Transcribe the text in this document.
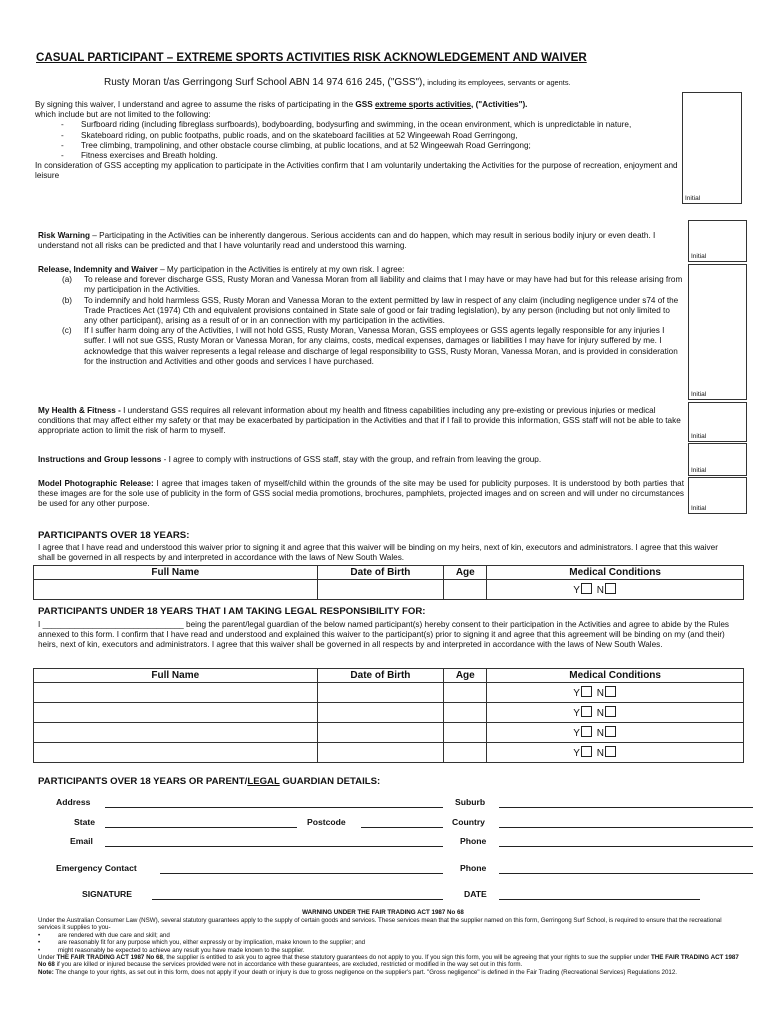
CASUAL PARTICIPANT – EXTREME SPORTS ACTIVITIES RISK ACKNOWLEDGEMENT AND WAIVER
Rusty Moran t/as Gerringong Surf School ABN 14 974 616 245, ("GSS"), including its employees, servants or agents.
By signing this waiver, I understand and agree to assume the risks of participating in the GSS extreme sports activities, ("Activities").
which include but are not limited to the following:
- Surfboard riding (including fibreglass surfboards), bodyboarding, bodysurfing and swimming, in the ocean environment, which is unpredictable in nature,
- Skateboard riding, on public footpaths, public roads, and on the skateboard facilities at 52 Wingeewah Road Gerringong,
- Tree climbing, trampolining, and other obstacle course climbing, at public locations, and at 52 Wingeewah Road Gerringong;
- Fitness exercises and Breath holding.
In consideration of GSS accepting my application to participate in the Activities confirm that I am voluntarily undertaking the Activities for the purpose of recreation, enjoyment and leisure
Initial
Risk Warning – Participating in the Activities can be inherently dangerous. Serious accidents can and do happen, which may result in serious bodily injury or even death. I understand not all risks can be predicted and that I have voluntarily read and understood this warning.
Initial
Release, Indemnity and Waiver – My participation in the Activities is entirely at my own risk. I agree:
(a) To release and forever discharge GSS, Rusty Moran and Vanessa Moran from all liability and claims that I may have or may have had but for this release arising from my participation in the Activities.
(b) To indemnify and hold harmless GSS, Rusty Moran and Vanessa Moran to the extent permitted by law in respect of any claim (including negligence under s74 of the Trade Practices Act (1974) Cth and equivalent provisions contained in State sale of good or fair trading legislation), by any person (including but not only limited to any other participant), arising as a result of or in an connection with my participation in the activities.
(c) If I suffer harm doing any of the Activities, I will not hold GSS, Rusty Moran, Vanessa Moran, GSS employees or GSS agents legally responsible for any injuries I suffer. I will not sue GSS, Rusty Moran or Vanessa Moran, for any claims, costs, medical expenses, damages or liabilities I may have for injury suffered by me. I acknowledge that this waiver represents a legal release and discharge of legal responsibility to GSS, Rusty Moran, Vanessa Moran, and is provided in consideration for the instruction and Activities and other goods and services I have purchased.
Initial
My Health & Fitness - I understand GSS requires all relevant information about my health and fitness capabilities including any pre-existing or previous injuries or medical conditions that may affect either my safety or that may be exacerbated by participation in the Activities and that if I fail to provide this information, GSS staff will not be able to take appropriate action to limit the risk of harm to myself.
Initial
Instructions and Group lessons - I agree to comply with instructions of GSS staff, stay with the group, and refrain from leaving the group.
Initial
Model Photographic Release: I agree that images taken of myself/child within the grounds of the site may be used for publicity purposes. It is understood by both parties that these images are for the sole use of publicity in the form of GSS social media promotions, brochures, pamphlets, projected images and on screen and will under no circumstances be used for any other purpose.
Initial
PARTICIPANTS OVER 18 YEARS:
I agree that I have read and understood this waiver prior to signing it and agree that this waiver will be binding on my heirs, next of kin, executors and administrators. I agree that this waiver shall be governed in all respects by and interpreted in accordance with the laws of New South Wales.
Full Name	Date of Birth	Age	Medical Conditions
			Y N
PARTICIPANTS UNDER 18 YEARS THAT I AM TAKING LEGAL RESPONSIBILITY FOR:
I _______________________________ being the parent/legal guardian of the below named participant(s) hereby consent to their participation in the Activities and agree to abide by the Rules annexed to this form. I confirm that I have read and understood and explained this waiver to the participant(s) prior to signing it and agree that this agreement will be binding on my (and their) heirs, next of kin, executors and administrators. I agree that this waiver shall be governed in all respects by and interpreted in accordance with the laws of New South Wales.
Full Name	Date of Birth	Age	Medical Conditions
			Y N
			Y N
			Y N
			Y N
PARTICIPANTS OVER 18 YEARS OR PARENT/LEGAL GUARDIAN DETAILS:
Address	Suburb
State	Postcode	Country
Email	Phone
Emergency Contact	Phone
SIGNATURE	DATE
WARNING UNDER THE FAIR TRADING ACT 1987 No 68
Under the Australian Consumer Law (NSW), several statutory guarantees apply to the supply of certain goods and services. These services mean that the supplier named on this form, Gerringong Surf School, is required to ensure that the recreational services it supplies to you-
•	are rendered with due care and skill; and
•	are reasonably fit for any purpose which you, either expressly or by implication, make known to the supplier; and
•	might reasonably be expected to achieve any result you have made known to the supplier.
Under THE FAIR TRADING ACT 1987 No 68, the supplier is entitled to ask you to agree that these statutory guarantees do not apply to you. If you sign this form, you will be agreeing that your rights to sue the supplier under THE FAIR TRADING ACT 1987 No 68 if you are killed or injured because the services provided were not in accordance with these guarantees, are excluded, restricted or modified in the way set out in this form.
Note: The change to your rights, as set out in this form, does not apply if your death or injury is due to gross negligence on the supplier's part. "Gross negligence" is defined in the Fair Trading (Recreational Services) Regulations 2012.
